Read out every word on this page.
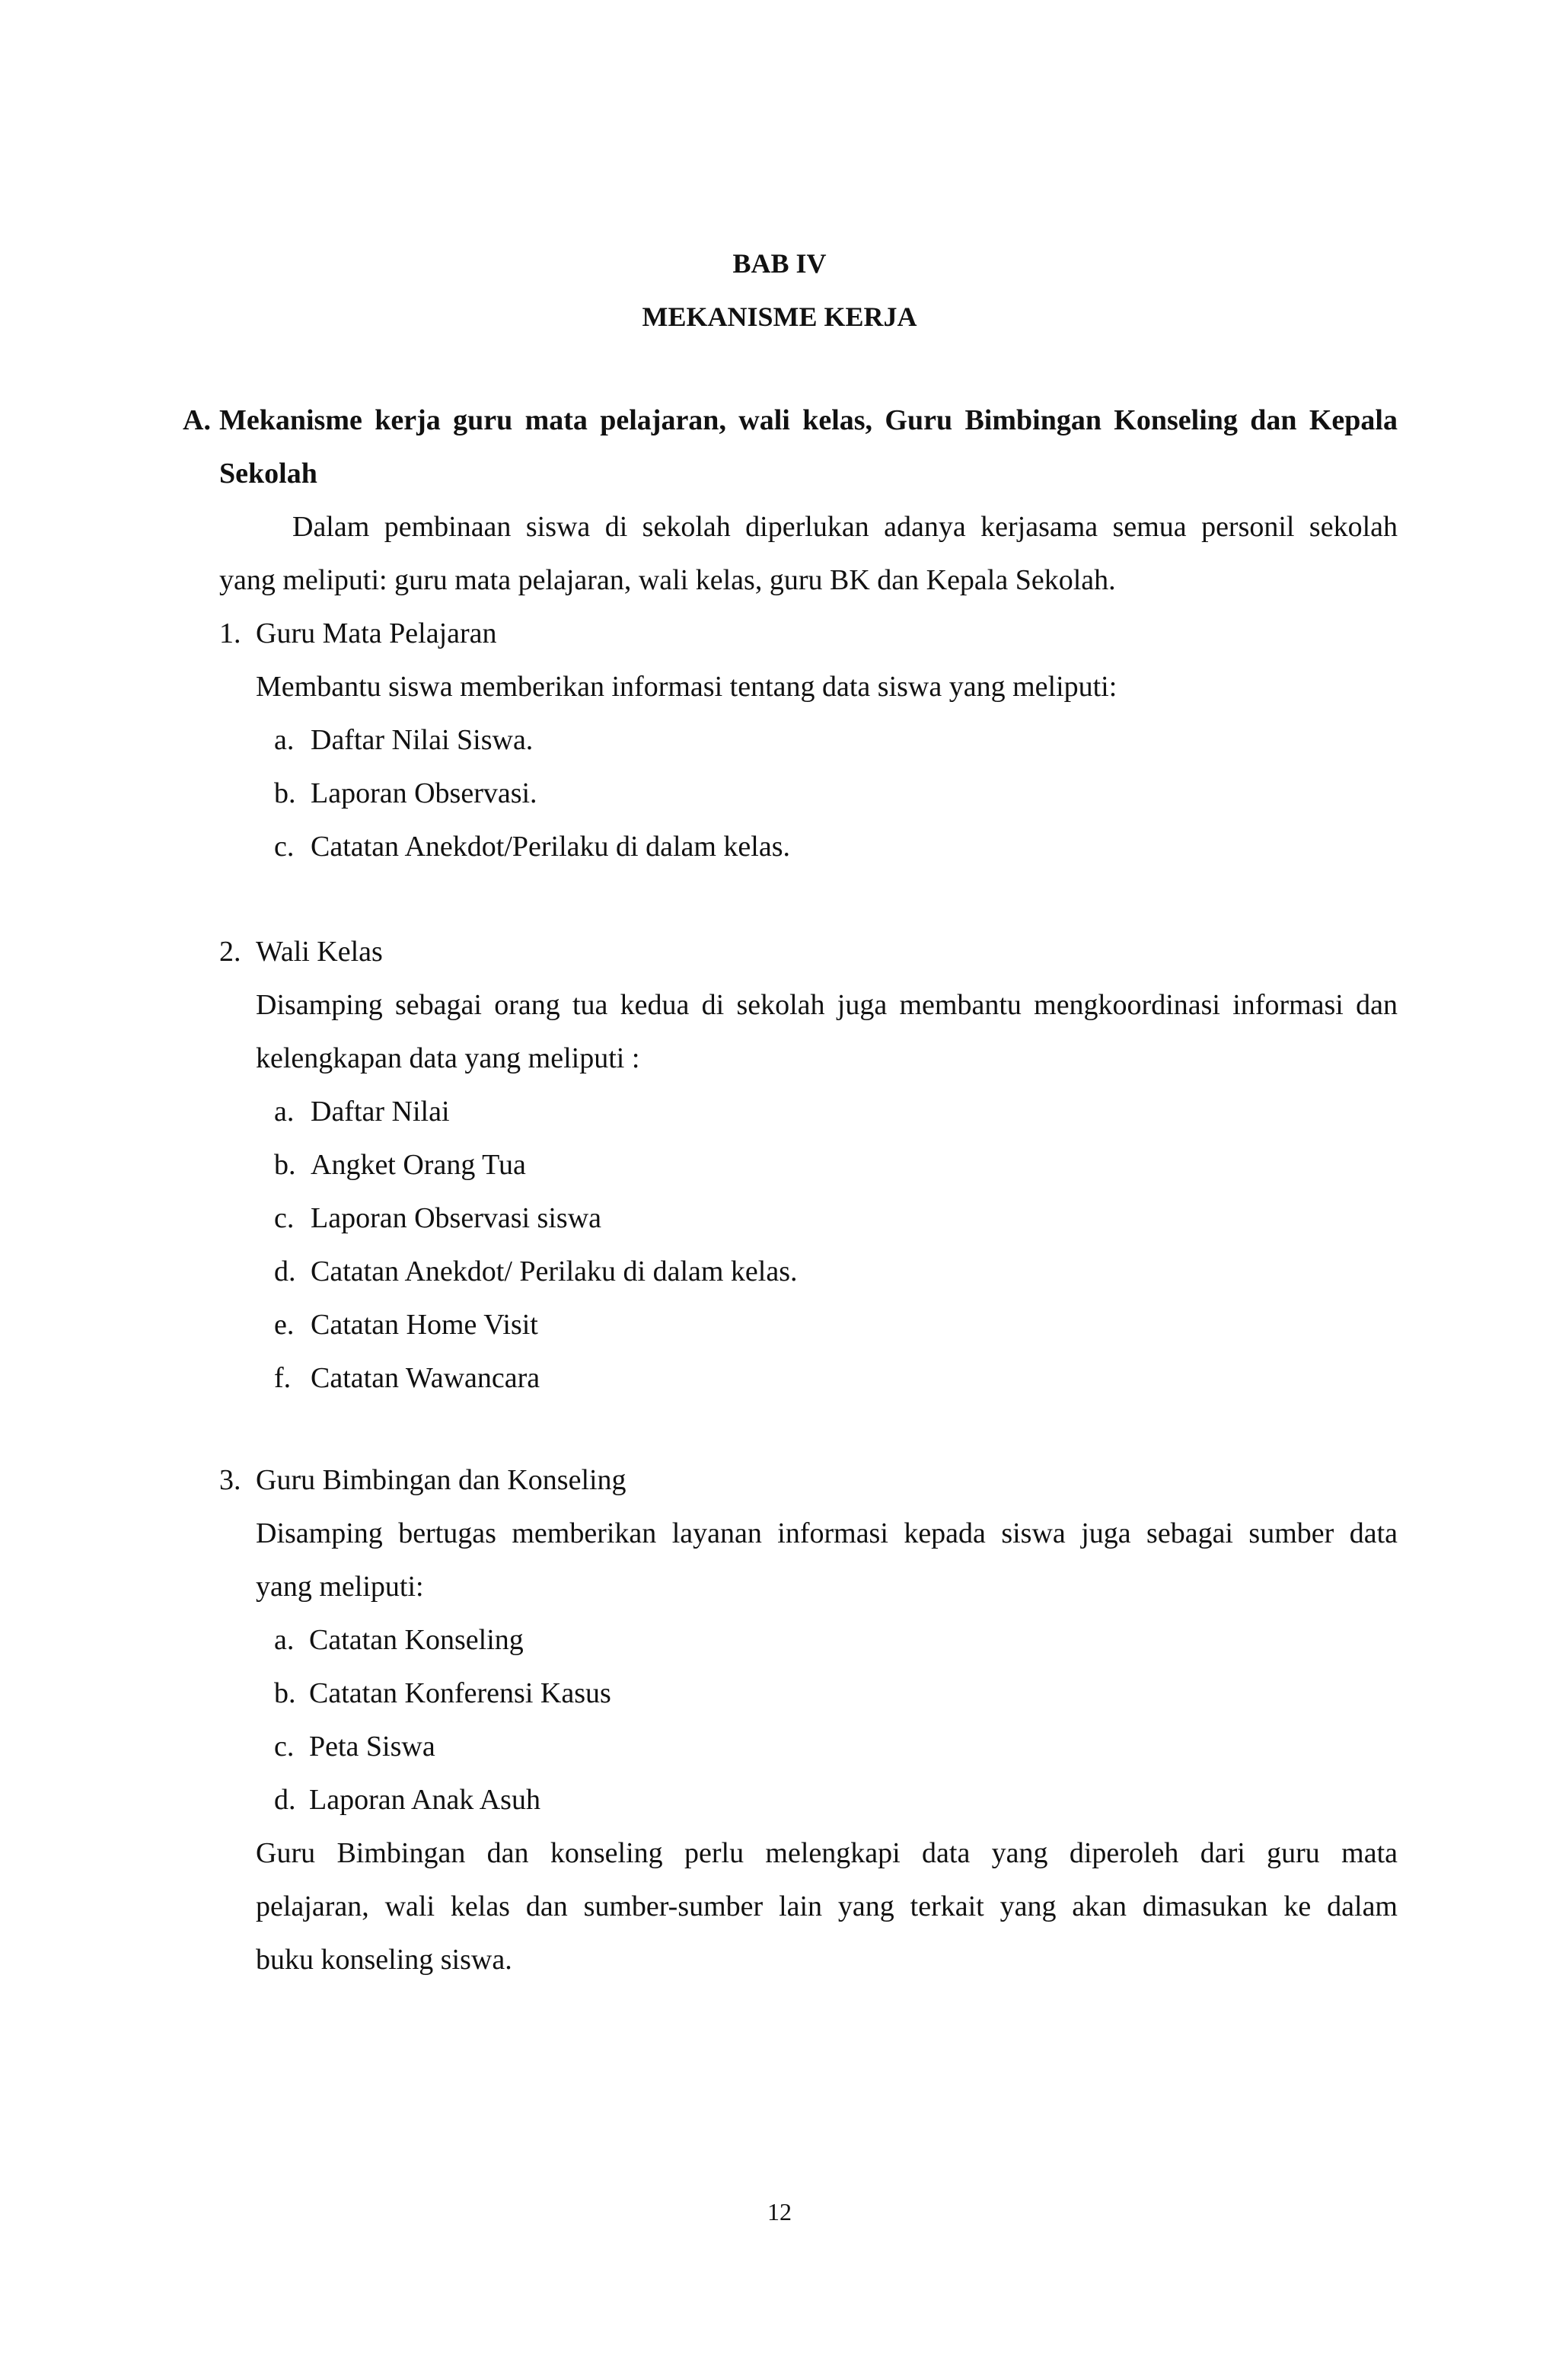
BAB IV
MEKANISME KERJA
A. Mekanisme kerja guru mata pelajaran, wali kelas, Guru Bimbingan Konseling dan Kepala
Sekolah
Dalam pembinaan siswa di sekolah diperlukan adanya kerjasama semua personil sekolah
yang meliputi: guru mata pelajaran, wali kelas, guru BK dan Kepala Sekolah.
1. Guru Mata Pelajaran
Membantu siswa memberikan informasi tentang data siswa yang meliputi:
a. Daftar Nilai Siswa.
b. Laporan Observasi.
c. Catatan Anekdot/Perilaku di dalam kelas.
2. Wali Kelas
Disamping sebagai orang tua kedua di sekolah juga membantu mengkoordinasi informasi dan
kelengkapan data yang meliputi :
a. Daftar Nilai
b. Angket Orang Tua
c. Laporan Observasi siswa
d. Catatan Anekdot/ Perilaku di dalam kelas.
e. Catatan Home Visit
f. Catatan Wawancara
3. Guru Bimbingan dan Konseling
Disamping bertugas memberikan layanan informasi kepada siswa juga sebagai sumber data
yang meliputi:
a. Catatan Konseling
b. Catatan Konferensi Kasus
c. Peta Siswa
d. Laporan Anak Asuh
Guru Bimbingan dan konseling perlu melengkapi data yang diperoleh dari guru mata
pelajaran, wali kelas dan sumber-sumber lain yang terkait yang akan dimasukan ke dalam
buku konseling siswa.
12
